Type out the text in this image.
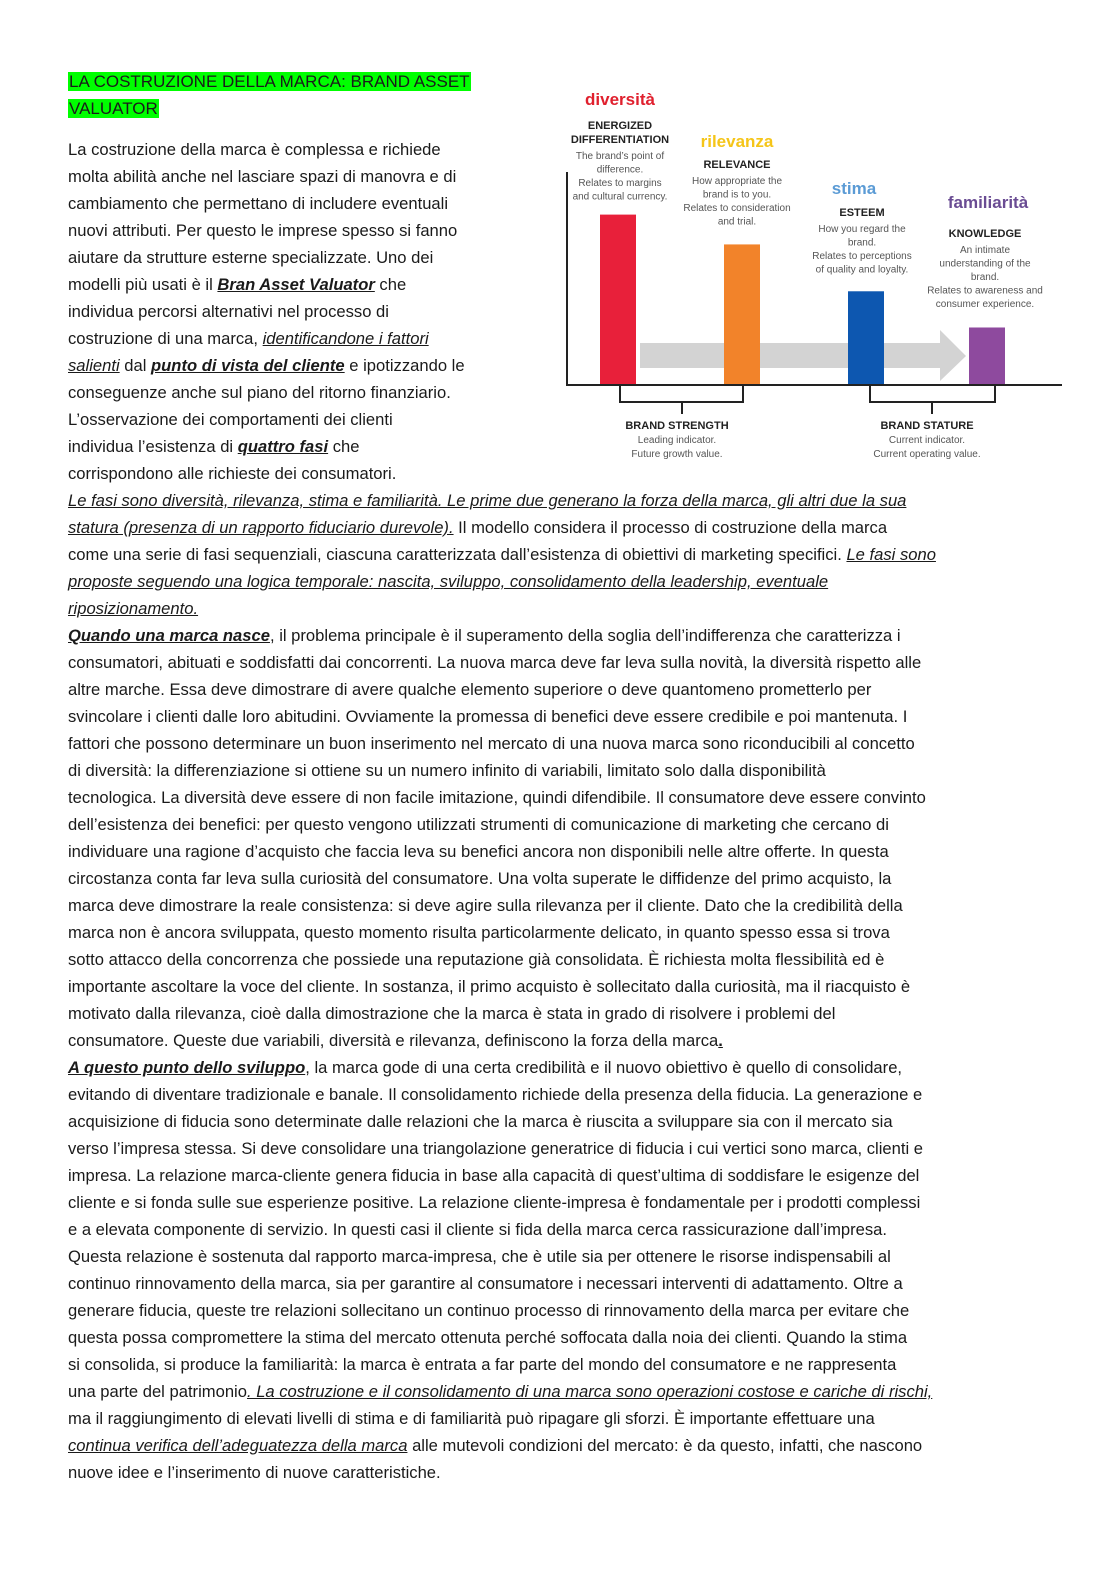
LA COSTRUZIONE DELLA MARCA: BRAND ASSET
VALUATOR
La costruzione della marca è complessa e richiede
molta abilità anche nel lasciare spazi di manovra e di
cambiamento che permettano di includere eventuali
nuovi attributi. Per questo le imprese spesso si fanno
aiutare da strutture esterne specializzate. Uno dei
modelli più usati è il Bran Asset Valuator che
individua percorsi alternativi nel processo di
costruzione di una marca, identificandone i fattori
salienti dal punto di vista del cliente e ipotizzando le
conseguenze anche sul piano del ritorno finanziario.
L’osservazione dei comportamenti dei clienti
individua l’esistenza di quattro fasi che
corrispondono alle richieste dei consumatori.
Le fasi sono diversità, rilevanza, stima e familiarità. Le prime due generano la forza della marca, gli altri due la sua
statura (presenza di un rapporto fiduciario durevole). Il modello considera il processo di costruzione della marca
come una serie di fasi sequenziali, ciascuna caratterizzata dall’esistenza di obiettivi di marketing specifici. Le fasi sono
proposte seguendo una logica temporale: nascita, sviluppo, consolidamento della leadership, eventuale
riposizionamento.
Quando una marca nasce, il problema principale è il superamento della soglia dell’indifferenza che caratterizza i
consumatori, abituati e soddisfatti dai concorrenti. La nuova marca deve far leva sulla novità, la diversità rispetto alle
altre marche. Essa deve dimostrare di avere qualche elemento superiore o deve quantomeno prometterlo per
svincolare i clienti dalle loro abitudini. Ovviamente la promessa di benefici deve essere credibile e poi mantenuta. I
fattori che possono determinare un buon inserimento nel mercato di una nuova marca sono riconducibili al concetto
di diversità: la differenziazione si ottiene su un numero infinito di variabili, limitato solo dalla disponibilità
tecnologica. La diversità deve essere di non facile imitazione, quindi difendibile. Il consumatore deve essere convinto
dell’esistenza dei benefici: per questo vengono utilizzati strumenti di comunicazione di marketing che cercano di
individuare una ragione d’acquisto che faccia leva su benefici ancora non disponibili nelle altre offerte. In questa
circostanza conta far leva sulla curiosità del consumatore. Una volta superate le diffidenze del primo acquisto, la
marca deve dimostrare la reale consistenza: si deve agire sulla rilevanza per il cliente. Dato che la credibilità della
marca non è ancora sviluppata, questo momento risulta particolarmente delicato, in quanto spesso essa si trova
sotto attacco della concorrenza che possiede una reputazione già consolidata. È richiesta molta flessibilità ed è
importante ascoltare la voce del cliente. In sostanza, il primo acquisto è sollecitato dalla curiosità, ma il riacquisto è
motivato dalla rilevanza, cioè dalla dimostrazione che la marca è stata in grado di risolvere i problemi del
consumatore. Queste due variabili, diversità e rilevanza, definiscono la forza della marca.
A questo punto dello sviluppo, la marca gode di una certa credibilità e il nuovo obiettivo è quello di consolidare,
evitando di diventare tradizionale e banale. Il consolidamento richiede della presenza della fiducia. La generazione e
acquisizione di fiducia sono determinate dalle relazioni che la marca è riuscita a sviluppare sia con il mercato sia
verso l’impresa stessa. Si deve consolidare una triangolazione generatrice di fiducia i cui vertici sono marca, clienti e
impresa. La relazione marca-cliente genera fiducia in base alla capacità di quest’ultima di soddisfare le esigenze del
cliente e si fonda sulle sue esperienze positive. La relazione cliente-impresa è fondamentale per i prodotti complessi
e a elevata componente di servizio. In questi casi il cliente si fida della marca cerca rassicurazione dall’impresa.
Questa relazione è sostenuta dal rapporto marca-impresa, che è utile sia per ottenere le risorse indispensabili al
continuo rinnovamento della marca, sia per garantire al consumatore i necessari interventi di adattamento. Oltre a
generare fiducia, queste tre relazioni sollecitano un continuo processo di rinnovamento della marca per evitare che
questa possa compromettere la stima del mercato ottenuta perché soffocata dalla noia dei clienti. Quando la stima
si consolida, si produce la familiarità: la marca è entrata a far parte del mondo del consumatore e ne rappresenta
una parte del patrimonio. La costruzione e il consolidamento di una marca sono operazioni costose e cariche di rischi,
ma il raggiungimento di elevati livelli di stima e di familiarità può ripagare gli sforzi. È importante effettuare una
continua verifica dell’adeguatezza della marca alle mutevoli condizioni del mercato: è da questo, infatti, che nascono
nuove idee e l’inserimento di nuove caratteristiche.
diversità
ENERGIZED
DIFFERENTIATION
The brand’s point of
difference.
Relates to margins
and cultural currency.
rilevanza
RELEVANCE
How appropriate the
brand is to you.
Relates to consideration
and trial.
stima
ESTEEM
How you regard the
brand.
Relates to perceptions
of quality and loyalty.
familiarità
KNOWLEDGE
An intimate
understanding of the
brand.
Relates to awareness and
consumer experience.
BRAND STRENGTH
Leading indicator.
Future growth value.
BRAND STATURE
Current indicator.
Current operating value.
